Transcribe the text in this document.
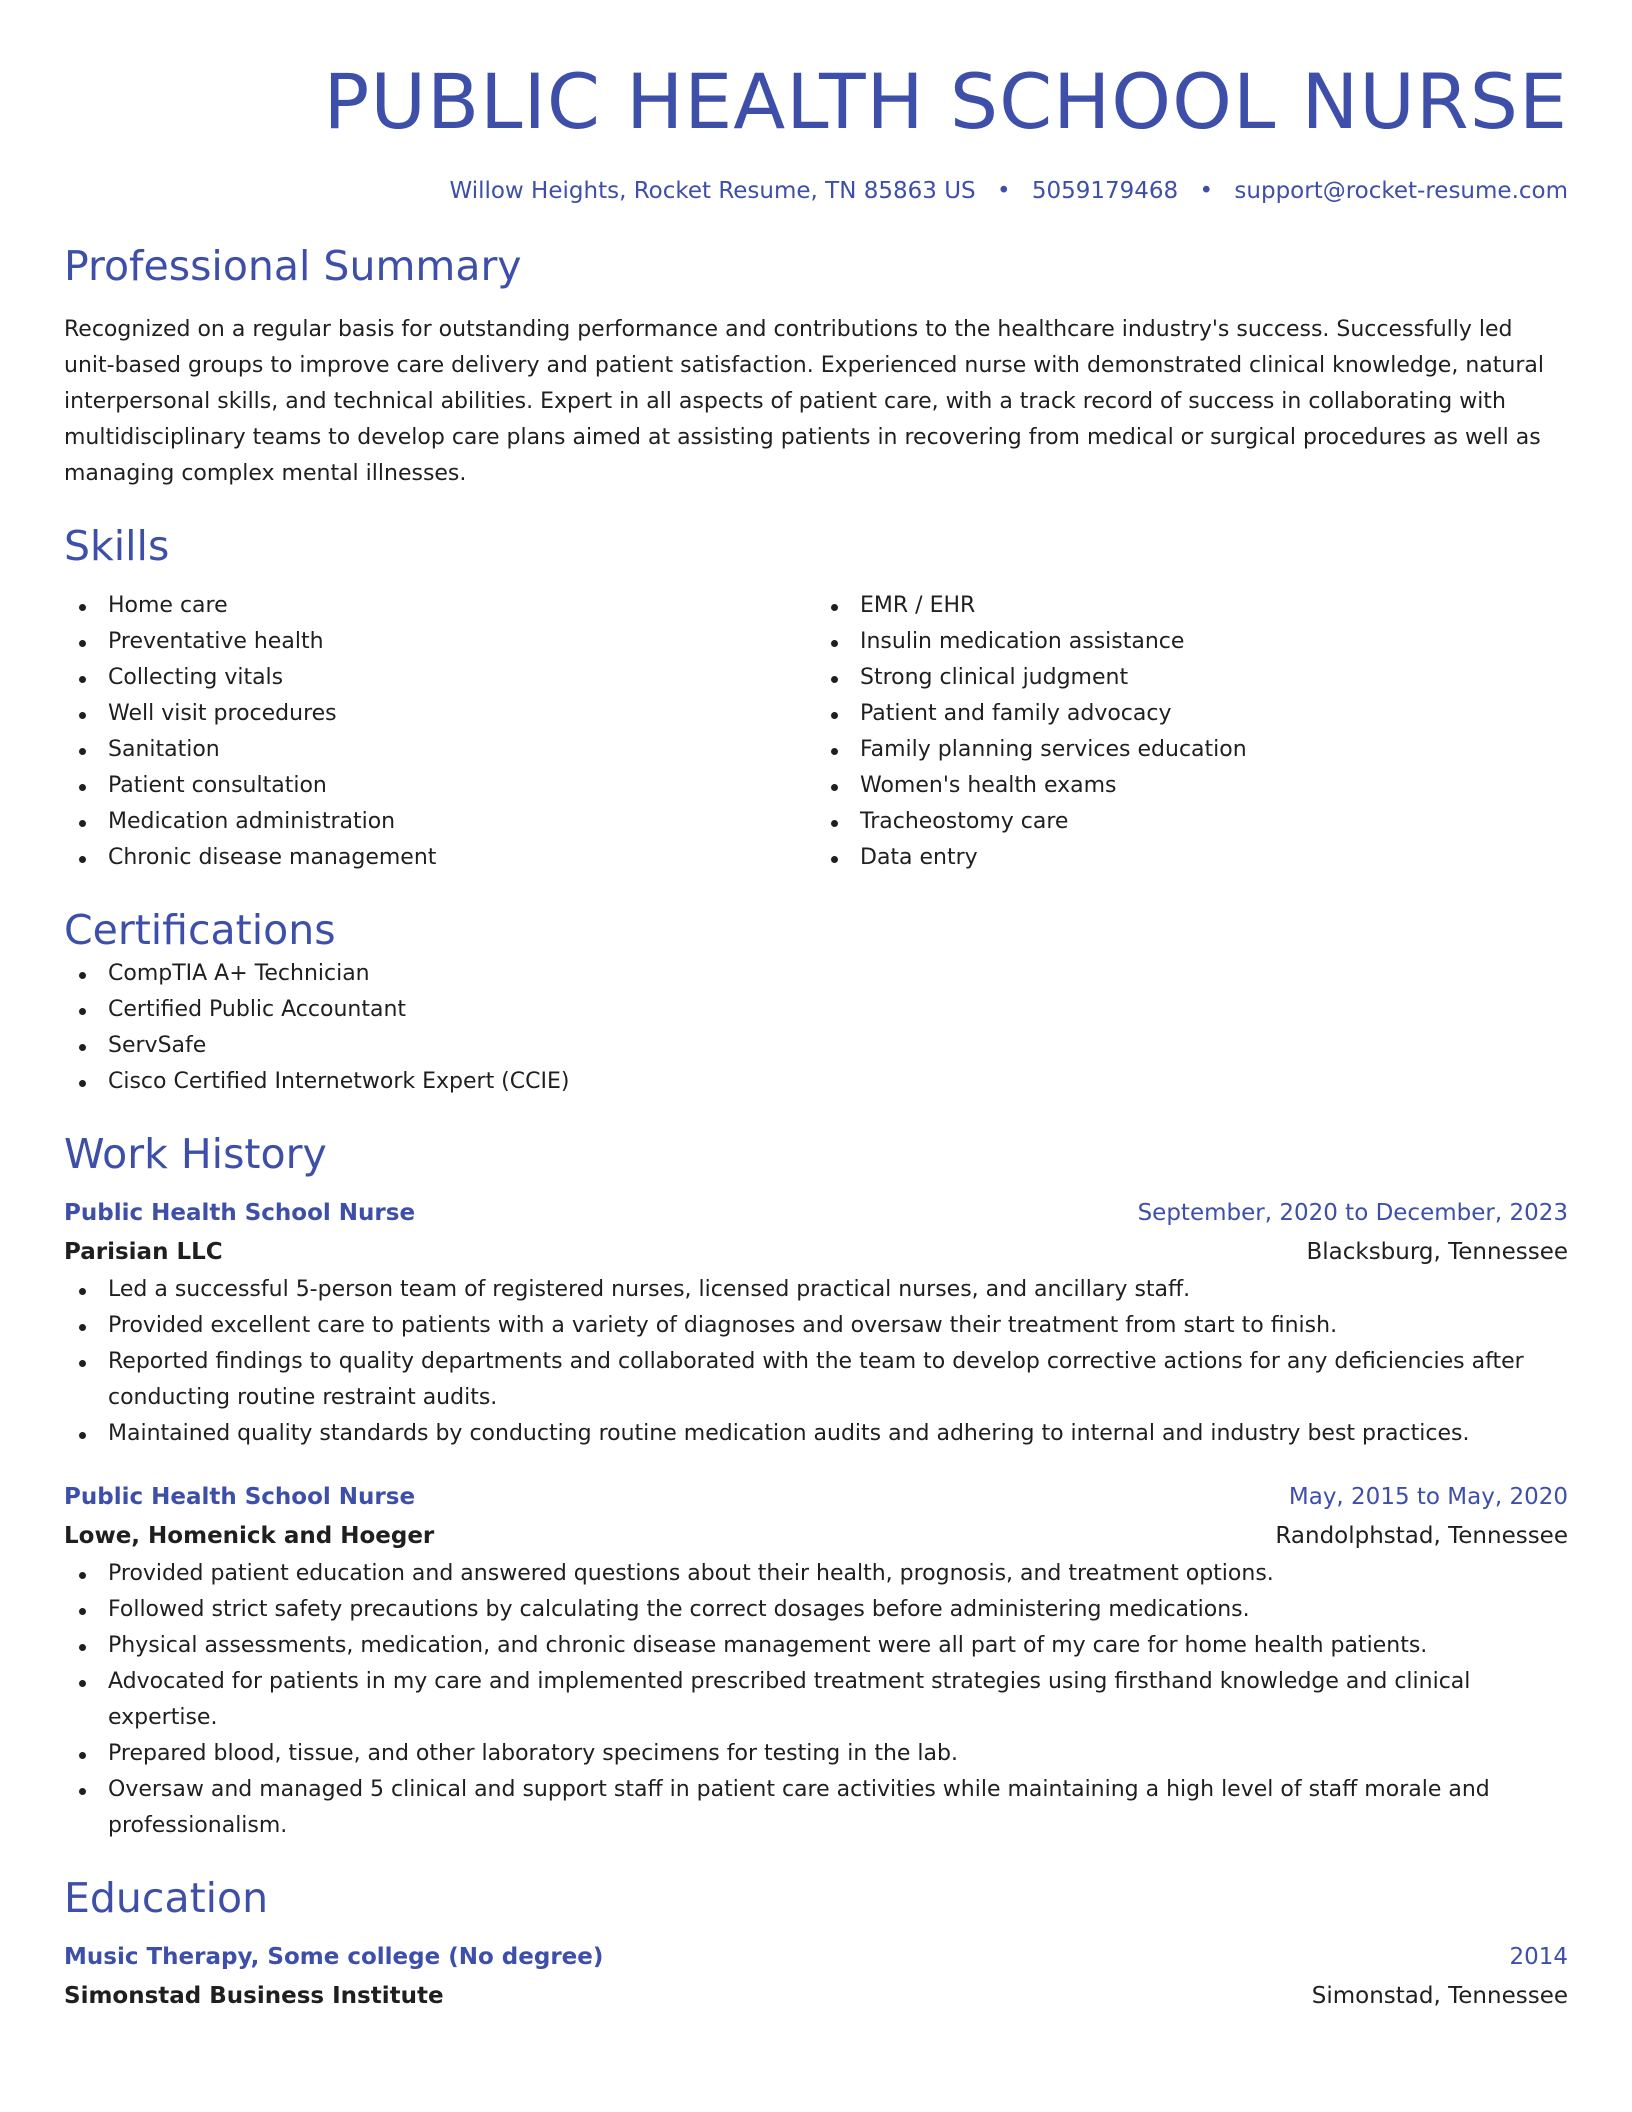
PUBLIC HEALTH SCHOOL NURSE
Willow Heights, Rocket Resume, TN 85863 US • 5059179468 • support@rocket-resume.com
Professional Summary

Recognized on a regular basis for outstanding performance and contributions to the healthcare industry's success. Successfully led unit-based groups to improve care delivery and patient satisfaction. Experienced nurse with demonstrated clinical knowledge, natural interpersonal skills, and technical abilities. Expert in all aspects of patient care, with a track record of success in collaborating with multidisciplinary teams to develop care plans aimed at assisting patients in recovering from medical or surgical procedures as well as managing complex mental illnesses.

Skills
Home care
Preventative health
Collecting vitals
Well visit procedures
Sanitation
Patient consultation
Medication administration
Chronic disease management
EMR / EHR
Insulin medication assistance
Strong clinical judgment
Patient and family advocacy
Family planning services education
Women's health exams
Tracheostomy care
Data entry
Certifications
CompTIA A+ Technician
Certified Public Accountant
ServSafe
Cisco Certified Internetwork Expert (CCIE)
Work History
Public Health School Nurse	September, 2020 to December, 2023
Parisian LLC	Blacksburg, Tennessee
Led a successful 5-person team of registered nurses, licensed practical nurses, and ancillary staff.
Provided excellent care to patients with a variety of diagnoses and oversaw their treatment from start to finish.
Reported findings to quality departments and collaborated with the team to develop corrective actions for any deficiencies after conducting routine restraint audits.
Maintained quality standards by conducting routine medication audits and adhering to internal and industry best practices.
Public Health School Nurse	May, 2015 to May, 2020
Lowe, Homenick and Hoeger	Randolphstad, Tennessee
Provided patient education and answered questions about their health, prognosis, and treatment options.
Followed strict safety precautions by calculating the correct dosages before administering medications.
Physical assessments, medication, and chronic disease management were all part of my care for home health patients.
Advocated for patients in my care and implemented prescribed treatment strategies using firsthand knowledge and clinical expertise.
Prepared blood, tissue, and other laboratory specimens for testing in the lab.
Oversaw and managed 5 clinical and support staff in patient care activities while maintaining a high level of staff morale and professionalism.
Education
Music Therapy, Some college (No degree)	2014
Simonstad Business Institute	Simonstad, Tennessee
